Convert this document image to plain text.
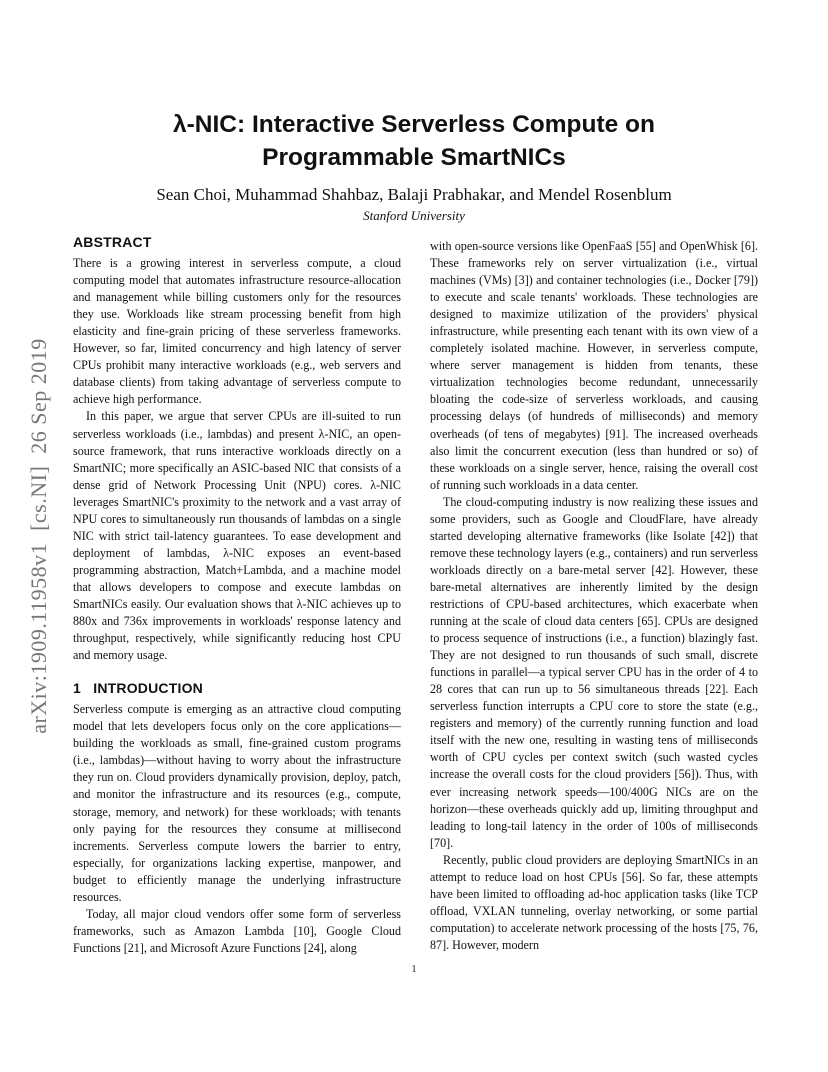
λ-NIC: Interactive Serverless Compute on
Programmable SmartNICs
Sean Choi, Muhammad Shahbaz, Balaji Prabhakar, and Mendel Rosenblum
Stanford University
arXiv:1909.11958v1  [cs.NI]  26 Sep 2019
ABSTRACT

There is a growing interest in serverless compute, a cloud computing model that automates infrastructure resource-allocation and management while billing customers only for the resources they use. Workloads like stream processing benefit from high elasticity and fine-grain pricing of these serverless frameworks. However, so far, limited concurrency and high latency of server CPUs prohibit many interactive workloads (e.g., web servers and database clients) from taking advantage of serverless compute to achieve high performance.

In this paper, we argue that server CPUs are ill-suited to run serverless workloads (i.e., lambdas) and present λ-NIC, an open-source framework, that runs interactive workloads directly on a SmartNIC; more specifically an ASIC-based NIC that consists of a dense grid of Network Processing Unit (NPU) cores. λ-NIC leverages SmartNIC's proximity to the network and a vast array of NPU cores to simultaneously run thousands of lambdas on a single NIC with strict tail-latency guarantees. To ease development and deployment of lambdas, λ-NIC exposes an event-based programming abstraction, Match+Lambda, and a machine model that allows developers to compose and execute lambdas on SmartNICs easily. Our evaluation shows that λ-NIC achieves up to 880x and 736x improvements in workloads' response latency and throughput, respectively, while significantly reducing host CPU and memory usage.

1   INTRODUCTION

Serverless compute is emerging as an attractive cloud computing model that lets developers focus only on the core applications—building the workloads as small, fine-grained custom programs (i.e., lambdas)—without having to worry about the infrastructure they run on. Cloud providers dynamically provision, deploy, patch, and monitor the infrastructure and its resources (e.g., compute, storage, memory, and network) for these workloads; with tenants only paying for the resources they consume at millisecond increments. Serverless compute lowers the barrier to entry, especially, for organizations lacking expertise, manpower, and budget to efficiently manage the underlying infrastructure resources.

Today, all major cloud vendors offer some form of serverless frameworks, such as Amazon Lambda [10], Google Cloud Functions [21], and Microsoft Azure Functions [24], along

with open-source versions like OpenFaaS [55] and OpenWhisk [6]. These frameworks rely on server virtualization (i.e., virtual machines (VMs) [3]) and container technologies (i.e., Docker [79]) to execute and scale tenants' workloads. These technologies are designed to maximize utilization of the providers' physical infrastructure, while presenting each tenant with its own view of a completely isolated machine. However, in serverless compute, where server management is hidden from tenants, these virtualization technologies become redundant, unnecessarily bloating the code-size of serverless workloads, and causing processing delays (of hundreds of milliseconds) and memory overheads (of tens of megabytes) [91]. The increased overheads also limit the concurrent execution (less than hundred or so) of these workloads on a single server, hence, raising the overall cost of running such workloads in a data center.

The cloud-computing industry is now realizing these issues and some providers, such as Google and CloudFlare, have already started developing alternative frameworks (like Isolate [42]) that remove these technology layers (e.g., containers) and run serverless workloads directly on a bare-metal server [42]. However, these bare-metal alternatives are inherently limited by the design restrictions of CPU-based architectures, which exacerbate when running at the scale of cloud data centers [65]. CPUs are designed to process sequence of instructions (i.e., a function) blazingly fast. They are not designed to run thousands of such small, discrete functions in parallel—a typical server CPU has in the order of 4 to 28 cores that can run up to 56 simultaneous threads [22]. Each serverless function interrupts a CPU core to store the state (e.g., registers and memory) of the currently running function and load itself with the new one, resulting in wasting tens of milliseconds worth of CPU cycles per context switch (such wasted cycles increase the overall costs for the cloud providers [56]). Thus, with ever increasing network speeds—100/400G NICs are on the horizon—these overheads quickly add up, limiting throughput and leading to long-tail latency in the order of 100s of milliseconds [70].

Recently, public cloud providers are deploying SmartNICs in an attempt to reduce load on host CPUs [56]. So far, these attempts have been limited to offloading ad-hoc application tasks (like TCP offload, VXLAN tunneling, overlay networking, or some partial computation) to accelerate network processing of the hosts [75, 76, 87]. However, modern

1
